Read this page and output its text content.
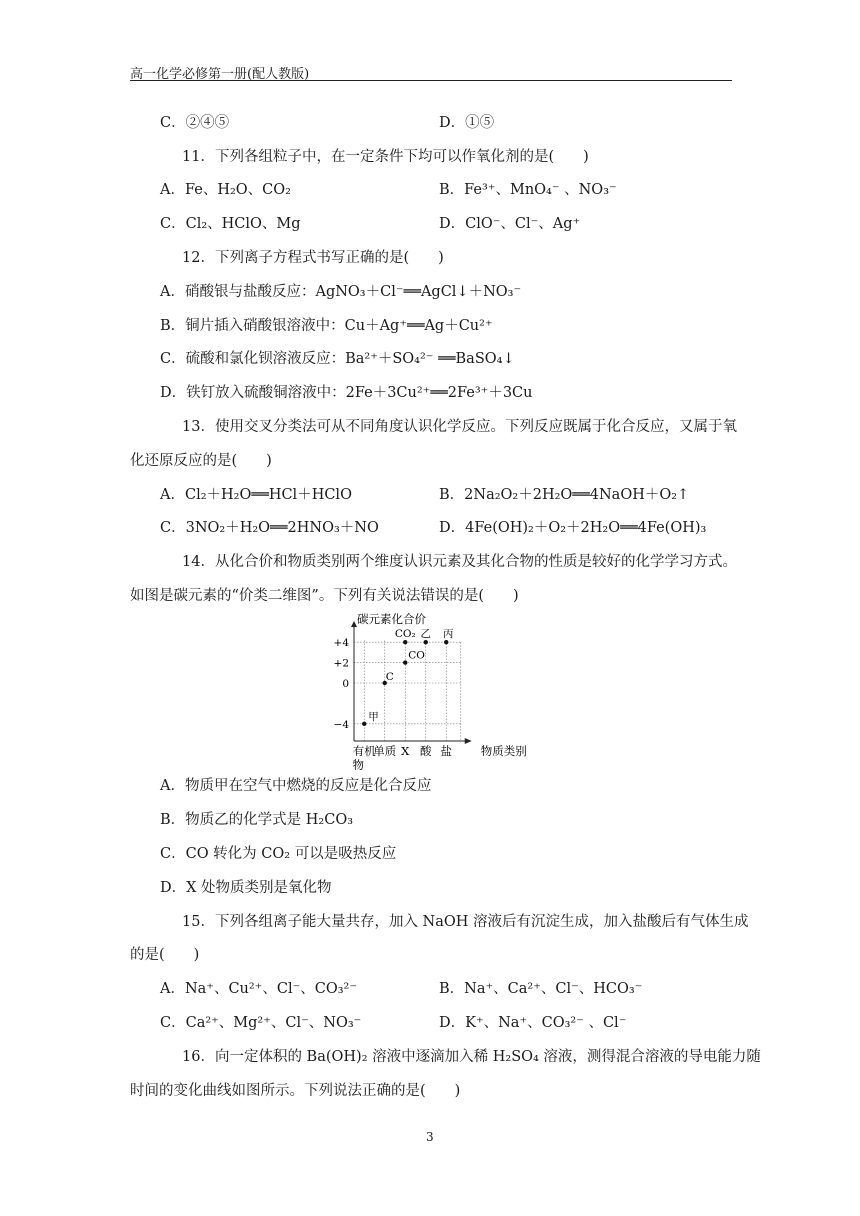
高一化学必修第一册(配人教版)
C．②④⑤	D．①⑤
11．下列各组粒子中，在一定条件下均可以作氧化剂的是(　　)
A．Fe、H₂O、CO₂	B．Fe³⁺、MnO₄⁻ 、NO₃⁻
C．Cl₂、HClO、Mg	D．ClO⁻、Cl⁻、Ag⁺
12．下列离子方程式书写正确的是(　　)
A．硝酸银与盐酸反应：AgNO₃＋Cl⁻══AgCl↓＋NO₃⁻
B．铜片插入硝酸银溶液中：Cu＋Ag⁺══Ag＋Cu²⁺
C．硫酸和氯化钡溶液反应：Ba²⁺＋SO₄²⁻ ══BaSO₄↓
D．铁钉放入硫酸铜溶液中：2Fe＋3Cu²⁺══2Fe³⁺＋3Cu
13．使用交叉分类法可从不同角度认识化学反应。下列反应既属于化合反应，又属于氧
化还原反应的是(　　)
A．Cl₂＋H₂O══HCl＋HClO	B．2Na₂O₂＋2H₂O══4NaOH＋O₂↑
C．3NO₂＋H₂O══2HNO₃＋NO	D．4Fe(OH)₂＋O₂＋2H₂O══4Fe(OH)₃
14．从化合价和物质类别两个维度认识元素及其化合物的性质是较好的化学学习方式。
如图是碳元素的“价类二维图”。下列有关说法错误的是(　　)
碳元素化合价
物质类别
+4
+2
0
−4
有机
单质 X 酸 盐
物
甲
C
CO
CO₂ 乙 丙
A．物质甲在空气中燃烧的反应是化合反应
B．物质乙的化学式是 H₂CO₃
C．CO 转化为 CO₂ 可以是吸热反应
D．X 处物质类别是氧化物
15．下列各组离子能大量共存，加入 NaOH 溶液后有沉淀生成，加入盐酸后有气体生成
的是(　　)
A．Na⁺、Cu²⁺、Cl⁻、CO₃²⁻	B．Na⁺、Ca²⁺、Cl⁻、HCO₃⁻
C．Ca²⁺、Mg²⁺、Cl⁻、NO₃⁻	D．K⁺、Na⁺、CO₃²⁻ 、Cl⁻
16．向一定体积的 Ba(OH)₂ 溶液中逐滴加入稀 H₂SO₄ 溶液，测得混合溶液的导电能力随
时间的变化曲线如图所示。下列说法正确的是(　　)
3
